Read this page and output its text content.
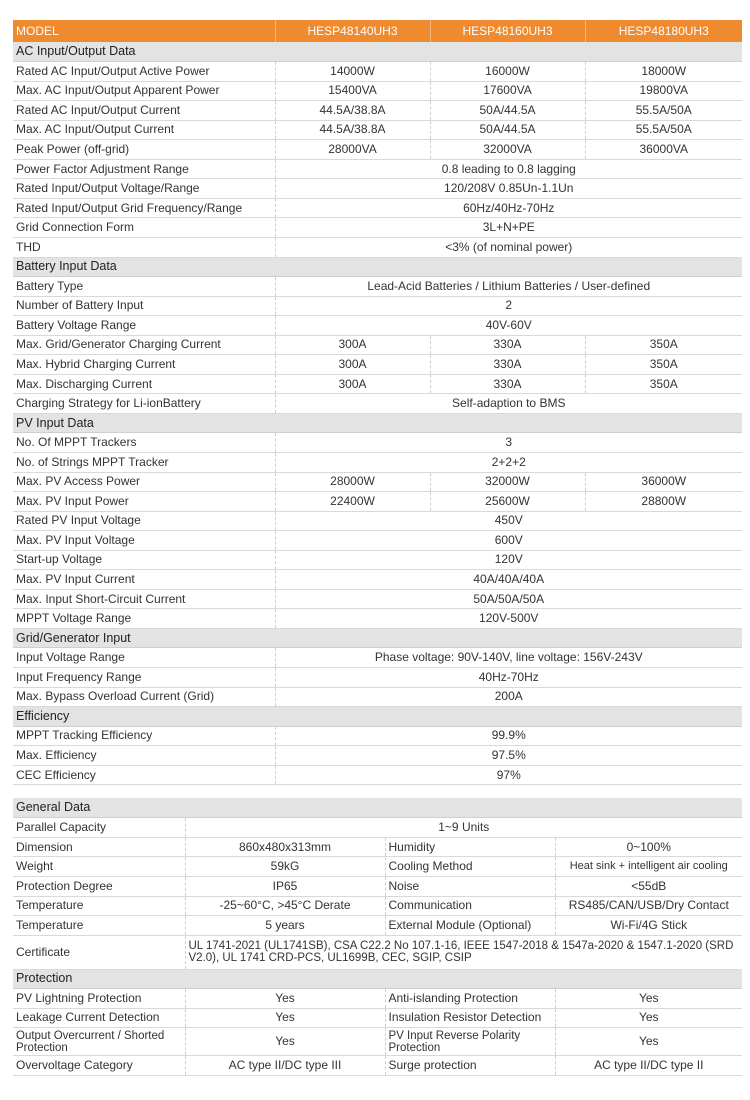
MODEL	HESP48140UH3	HESP48160UH3	HESP48180UH3
AC Input/Output Data			
Rated AC Input/Output Active Power	14000W	16000W	18000W
Max. AC Input/Output Apparent Power	15400VA	17600VA	19800VA
Rated AC Input/Output Current	44.5A/38.8A	50A/44.5A	55.5A/50A
Max. AC Input/Output Current	44.5A/38.8A	50A/44.5A	55.5A/50A
Peak Power (off-grid)	28000VA	32000VA	36000VA
Power Factor Adjustment Range	0.8 leading to 0.8 lagging		
Rated Input/Output Voltage/Range	120/208V 0.85Un-1.1Un		
Rated Input/Output Grid Frequency/Range	60Hz/40Hz-70Hz		
Grid Connection Form	3L+N+PE		
THD	<3% (of nominal power)		
Battery Input Data			
Battery Type	Lead-Acid Batteries / Lithium Batteries / User-defined		
Number of Battery Input	2		
Battery Voltage Range	40V-60V		
Max. Grid/Generator Charging Current	300A	330A	350A
Max. Hybrid Charging Current	300A	330A	350A
Max. Discharging Current	300A	330A	350A
Charging Strategy for Li-ionBattery	Self-adaption to BMS		
PV Input Data			
No. Of MPPT Trackers	3		
No. of Strings MPPT Tracker	2+2+2		
Max. PV Access Power	28000W	32000W	36000W
Max. PV Input Power	22400W	25600W	28800W
Rated PV Input Voltage	450V		
Max. PV Input Voltage	600V		
Start-up Voltage	120V		
Max. PV Input Current	40A/40A/40A		
Max. Input Short-Circuit Current	50A/50A/50A		
MPPT Voltage Range	120V-500V		
Grid/Generator Input			
Input Voltage Range	Phase voltage: 90V-140V, line voltage: 156V-243V		
Input Frequency Range	40Hz-70Hz		
Max. Bypass Overload Current (Grid)	200A		
Efficiency			
MPPT Tracking Efficiency	99.9%		
Max. Efficiency	97.5%		
CEC Efficiency	97%		
General Data			
Parallel Capacity	1~9 Units		
Dimension	860x480x313mm	Humidity	0~100%
Weight	59kG	Cooling Method	Heat sink + intelligent air cooling
Protection Degree	IP65	Noise	<55dB
Temperature	-25~60°C, >45°C Derate	Communication	RS485/CAN/USB/Dry Contact
Temperature	5 years	External Module (Optional)	Wi-Fi/4G Stick
Certificate	UL 1741-2021 (UL1741SB), CSA C22.2 No 107.1-16, IEEE 1547-2018 & 1547a-2020 & 1547.1-2020 (SRD V2.0), UL 1741 CRD-PCS, UL1699B, CEC, SGIP, CSIP		
Protection			
PV Lightning Protection	Yes	Anti-islanding Protection	Yes
Leakage Current Detection	Yes	Insulation Resistor Detection	Yes
Output Overcurrent / Shorted Protection	Yes	PV Input Reverse Polarity Protection	Yes
Overvoltage Category	AC type II/DC type III	Surge protection	AC type II/DC type II
